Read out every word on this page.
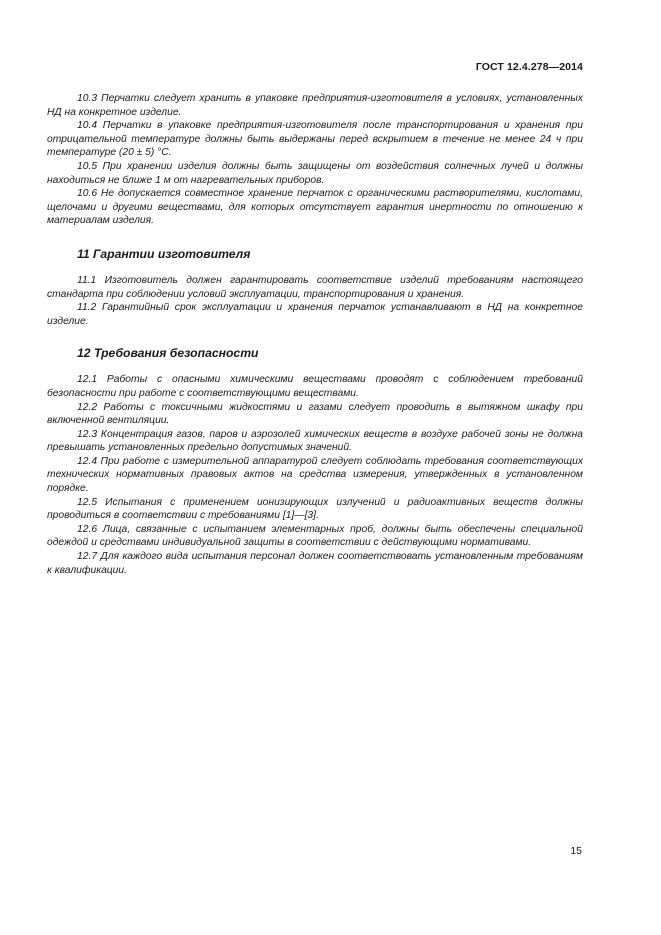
ГОСТ 12.4.278—2014

10.3 Перчатки следует хранить в упаковке предприятия-изготовителя в условиях, установленных НД на конкретное изделие.

10.4 Перчатки в упаковке предприятия-изготовителя после транспортирования и хранения при отрицательной температуре должны быть выдержаны перед вскрытием в течение не менее 24 ч при температуре (20 ± 5) °С.

10.5 При хранении изделия должны быть защищены от воздействия солнечных лучей и должны находиться не ближе 1 м от нагревательных приборов.

10.6 Не допускается совместное хранение перчаток с органическими растворителями, кислотами, щелочами и другими веществами, для которых отсутствует гарантия инертности по отношению к материалам изделия.

11 Гарантии изготовителя

11.1 Изготовитель должен гарантировать соответствие изделий требованиям настоящего стандарта при соблюдении условий эксплуатации, транспортирования и хранения.

11.2 Гарантийный срок эксплуатации и хранения перчаток устанавливают в НД на конкретное изделие.

12 Требования безопасности

12.1 Работы с опасными химическими веществами проводят с соблюдением требований безопасности при работе с соответствующими веществами.

12.2 Работы с токсичными жидкостями и газами следует проводить в вытяжном шкафу при включенной вентиляции.

12.3 Концентрация газов, паров и аэрозолей химических веществ в воздухе рабочей зоны не должна превышать установленных предельно допустимых значений.

12.4 При работе с измерительной аппаратурой следует соблюдать требования соответствующих технических нормативных правовых актов на средства измерения, утвержденных в установленном порядке.

12.5 Испытания с применением ионизирующих излучений и радиоактивных веществ должны проводиться в соответствии с требованиями [1]—[3].

12.6 Лица, связанные с испытанием элементарных проб, должны быть обеспечены специальной одеждой и средствами индивидуальной защиты в соответствии с действующими нормативами.

12.7 Для каждого вида испытания персонал должен соответствовать установленным требованиям к квалификации.

15
